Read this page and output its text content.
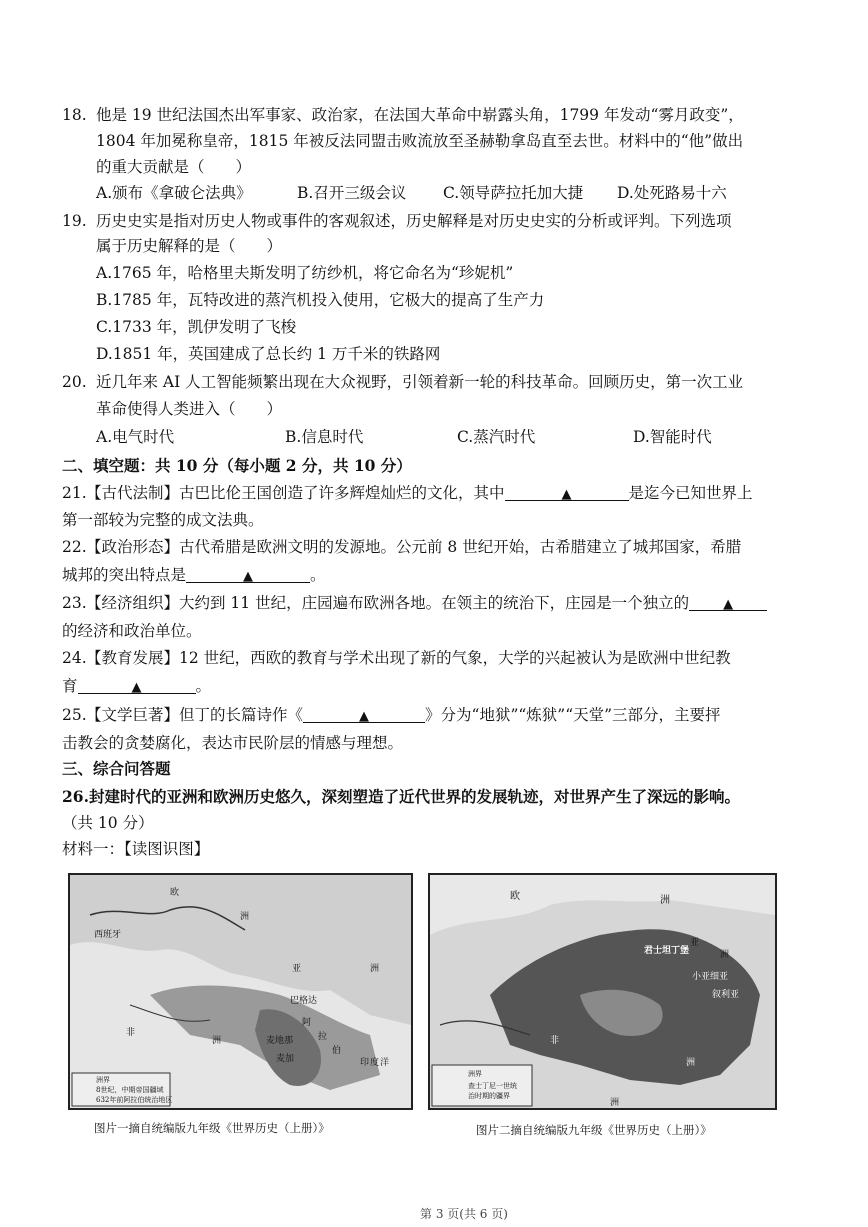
18. 他是 19 世纪法国杰出军事家、政治家，在法国大革命中崭露头角，1799 年发动“雾月政变”，
1804 年加冕称皇帝，1815 年被反法同盟击败流放至圣赫勒拿岛直至去世。材料中的“他”做出
的重大贡献是（　　）
A.颁布《拿破仑法典》	B.召开三级会议 C.领导萨拉托加大捷 D.处死路易十六
19. 历史史实是指对历史人物或事件的客观叙述，历史解释是对历史史实的分析或评判。下列选项
属于历史解释的是（　　）
A.1765 年，哈格里夫斯发明了纺纱机，将它命名为“珍妮机”
B.1785 年，瓦特改进的蒸汽机投入使用，它极大的提高了生产力
C.1733 年，凯伊发明了飞梭
D.1851 年，英国建成了总长约 1 万千米的铁路网
20. 近几年来 AI 人工智能频繁出现在大众视野，引领着新一轮的科技革命。回顾历史，第一次工业
革命使得人类进入（　　）
A.电气时代	B.信息时代	C.蒸汽时代	D.智能时代
二、填空题：共 10 分（每小题 2 分，共 10 分）
21. 【古代法制】古巴比伦王国创造了许多辉煌灿烂的文化，其中	▲	是迄今已知世界上
第一部较为完整的成文法典。
22. 【政治形态】古代希腊是欧洲文明的发源地。公元前 8 世纪开始，古希腊建立了城邦国家，希腊
城邦的突出特点是	▲	。
23. 【经济组织】大约到 11 世纪，庄园遍布欧洲各地。在领主的统治下，庄园是一个独立的	▲
的经济和政治单位。
24. 【教育发展】12 世纪，西欧的教育与学术出现了新的气象，大学的兴起被认为是欧洲中世纪教
育	▲	。
25. 【文学巨著】但丁的长篇诗作《	▲	》分为“地狱”“炼狱”“天堂”三部分，主要抨
击教会的贪婪腐化，表达市民阶层的情感与理想。
三、综合问答题
26.封建时代的亚洲和欧洲历史悠久，深刻塑造了近代世界的发展轨迹，对世界产生了深远的影响。
（共 10 分）
材料一：【读图识图】
欧
洲
西班牙
巴格达
亚	洲
阿
拉
伯
麦加
麦地那
非
洲
印 度 洋
洲界
8世纪，中期帝国疆域
632年前阿拉伯统治地区
图片一摘自统编版九年级《世界历史（上册）》
欧	洲
君士坦丁堡
亚
洲
小亚细亚
叙利亚
非
洲
洲
洲界
查士丁尼一世统
治时期的疆界
图片二摘自统编版九年级《世界历史（上册）》
第 3 页(共 6 页)
